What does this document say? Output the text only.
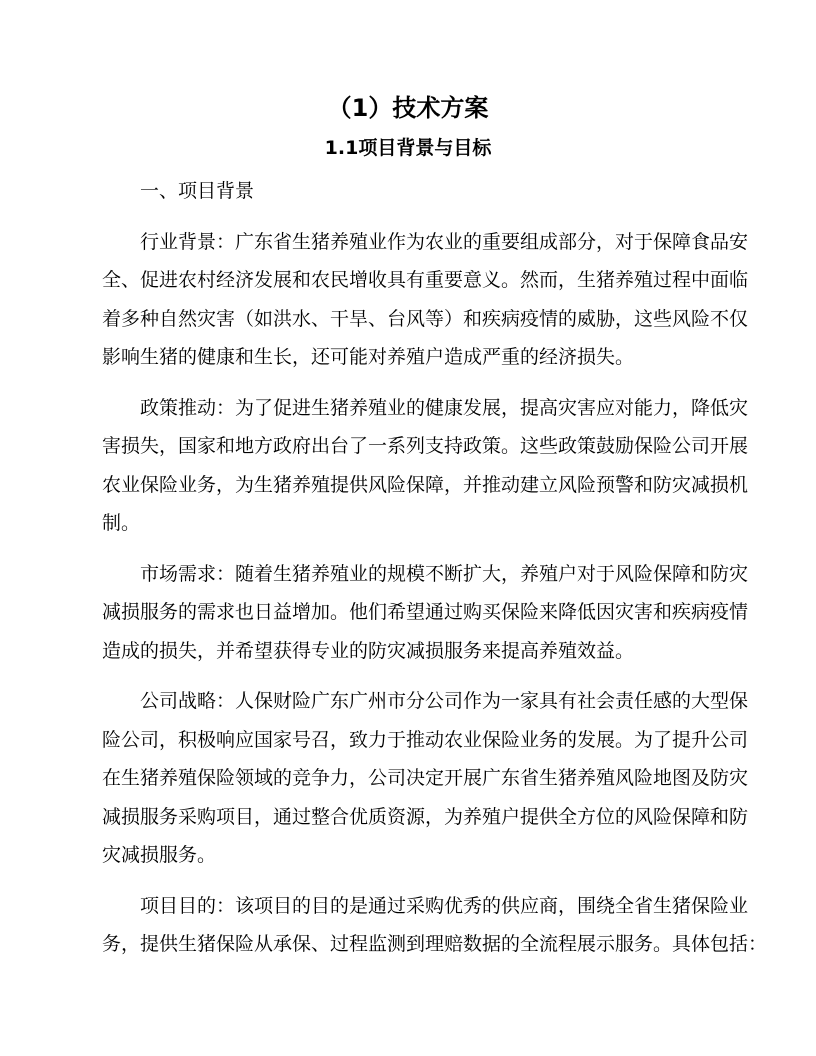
（1）技术方案
1.1项目背景与目标
一、项目背景
行业背景：广东省生猪养殖业作为农业的重要组成部分，对于保障食品安
全、促进农村经济发展和农民增收具有重要意义。然而，生猪养殖过程中面临
着多种自然灾害（如洪水、干旱、台风等）和疾病疫情的威胁，这些风险不仅
影响生猪的健康和生长，还可能对养殖户造成严重的经济损失。
政策推动：为了促进生猪养殖业的健康发展，提高灾害应对能力，降低灾
害损失，国家和地方政府出台了一系列支持政策。这些政策鼓励保险公司开展
农业保险业务，为生猪养殖提供风险保障，并推动建立风险预警和防灾减损机
制。
市场需求：随着生猪养殖业的规模不断扩大，养殖户对于风险保障和防灾
减损服务的需求也日益增加。他们希望通过购买保险来降低因灾害和疾病疫情
造成的损失，并希望获得专业的防灾减损服务来提高养殖效益。
公司战略：人保财险广东广州市分公司作为一家具有社会责任感的大型保
险公司，积极响应国家号召，致力于推动农业保险业务的发展。为了提升公司
在生猪养殖保险领域的竞争力，公司决定开展广东省生猪养殖风险地图及防灾
减损服务采购项目，通过整合优质资源，为养殖户提供全方位的风险保障和防
灾减损服务。
项目目的：该项目的目的是通过采购优秀的供应商，围绕全省生猪保险业
务，提供生猪保险从承保、过程监测到理赔数据的全流程展示服务。具体包括：
